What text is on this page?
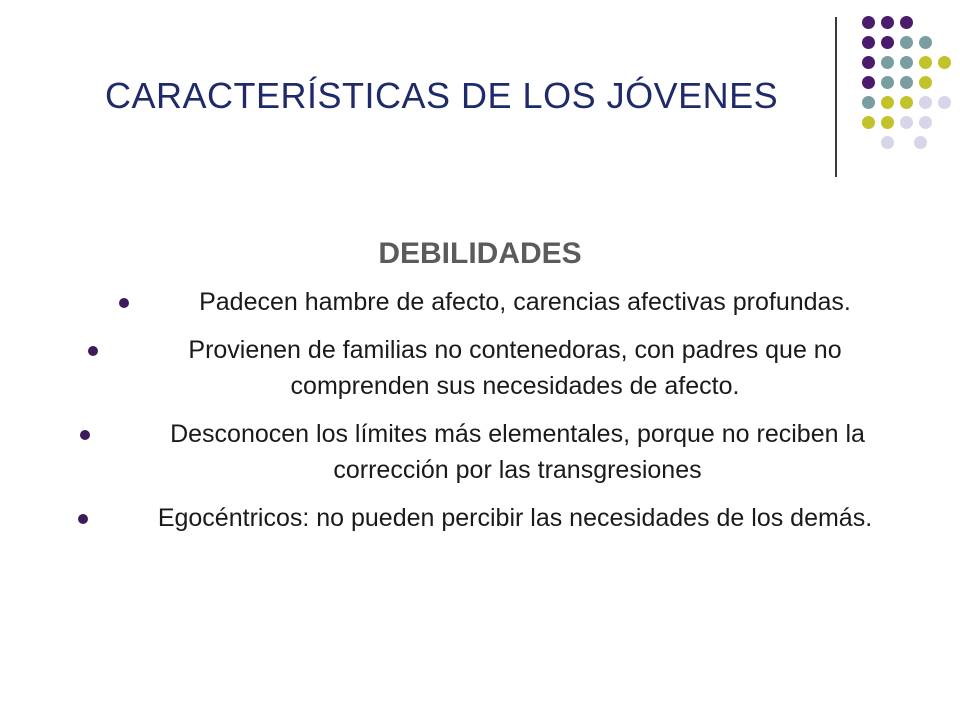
CARACTERÍSTICAS DE LOS JÓVENES
DEBILIDADES
Padecen hambre de afecto, carencias afectivas profundas.
Provienen de familias no contenedoras, con padres que no comprenden sus necesidades de afecto.
Desconocen los límites más elementales, porque no reciben la corrección por las transgresiones
Egocéntricos: no pueden percibir las necesidades de los demás.
